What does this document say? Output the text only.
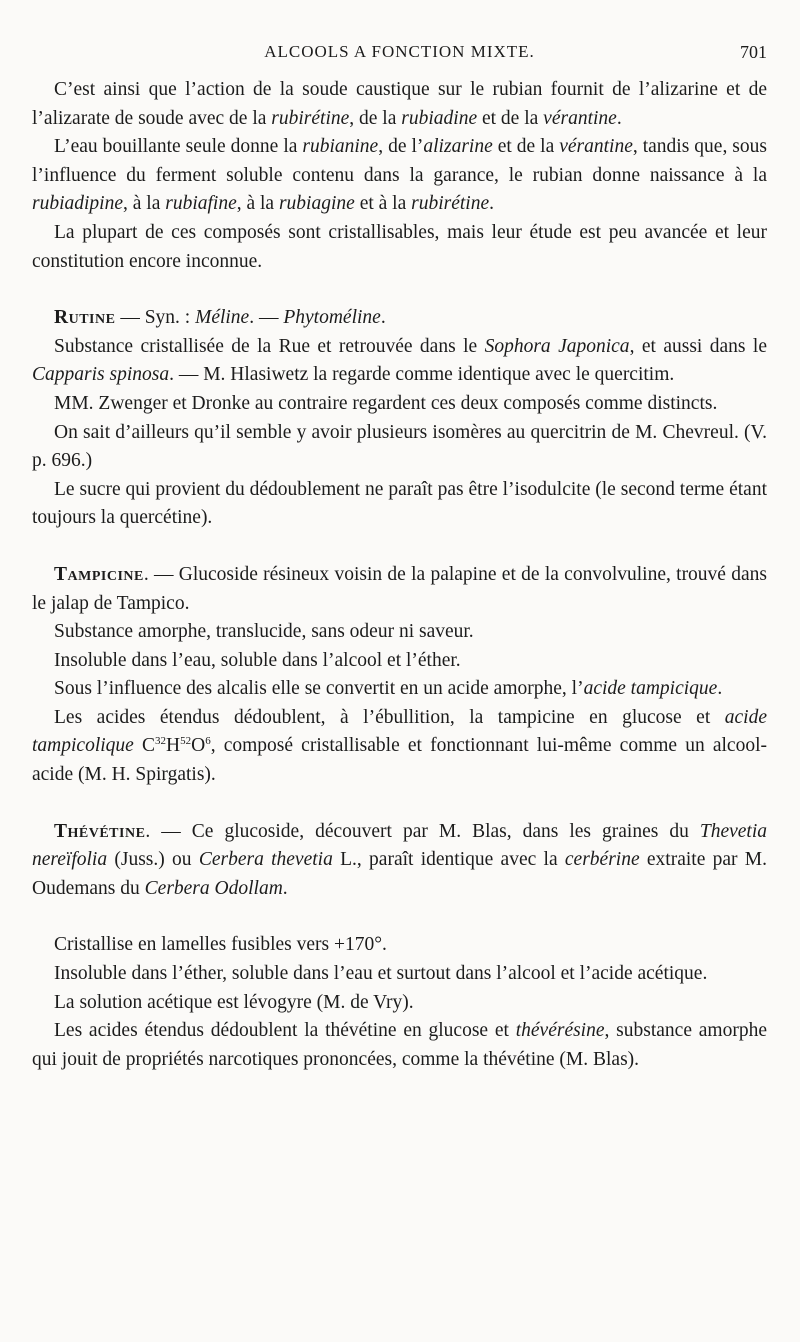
ALCOOLS A FONCTION MIXTE.	701

C’est ainsi que l’action de la soude caustique sur le rubian fournit de l’alizarine et de l’alizarate de soude avec de la rubirétine, de la rubiadine et de la vérantine.

L’eau bouillante seule donne la rubianine, de l’alizarine et de la vérantine, tandis que, sous l’influence du ferment soluble contenu dans la garance, le rubian donne naissance à la rubiadipine, à la rubiafine, à la rubiagine et à la rubirétine.

La plupart de ces composés sont cristallisables, mais leur étude est peu avancée et leur constitution encore inconnue.

Rutine — Syn. : Méline. — Phytoméline.

Substance cristallisée de la Rue et retrouvée dans le Sophora Japonica, et aussi dans le Capparis spinosa. — M. Hlasiwetz la regarde comme identique avec le quercitim.

MM. Zwenger et Dronke au contraire regardent ces deux composés comme distincts.

On sait d’ailleurs qu’il semble y avoir plusieurs isomères au quercitrin de M. Chevreul. (V. p. 696.)

Le sucre qui provient du dédoublement ne paraît pas être l’isodulcite (le second terme étant toujours la quercétine).

Tampicine. — Glucoside résineux voisin de la palapine et de la convolvuline, trouvé dans le jalap de Tampico.

Substance amorphe, translucide, sans odeur ni saveur.

Insoluble dans l’eau, soluble dans l’alcool et l’éther.

Sous l’influence des alcalis elle se convertit en un acide amorphe, l’acide tampicique.

Les acides étendus dédoublent, à l’ébullition, la tampicine en glucose et acide tampicolique $C^{32}H^{52}O^6$, composé cristallisable et fonctionnant lui-même comme un alcool-acide (M. H. Spirgatis).

Thévétine. — Ce glucoside, découvert par M. Blas, dans les graines du Thevetia nereïfolia (Juss.) ou Cerbera thevetia L., paraît identique avec la cerbérine extraite par M. Oudemans du Cerbera Odollam.

Cristallise en lamelles fusibles vers +170°.

Insoluble dans l’éther, soluble dans l’eau et surtout dans l’alcool et l’acide acétique.

La solution acétique est lévogyre (M. de Vry).

Les acides étendus dédoublent la thévétine en glucose et thévérésine, substance amorphe qui jouit de propriétés narcotiques prononcées, comme la thévétine (M. Blas).
